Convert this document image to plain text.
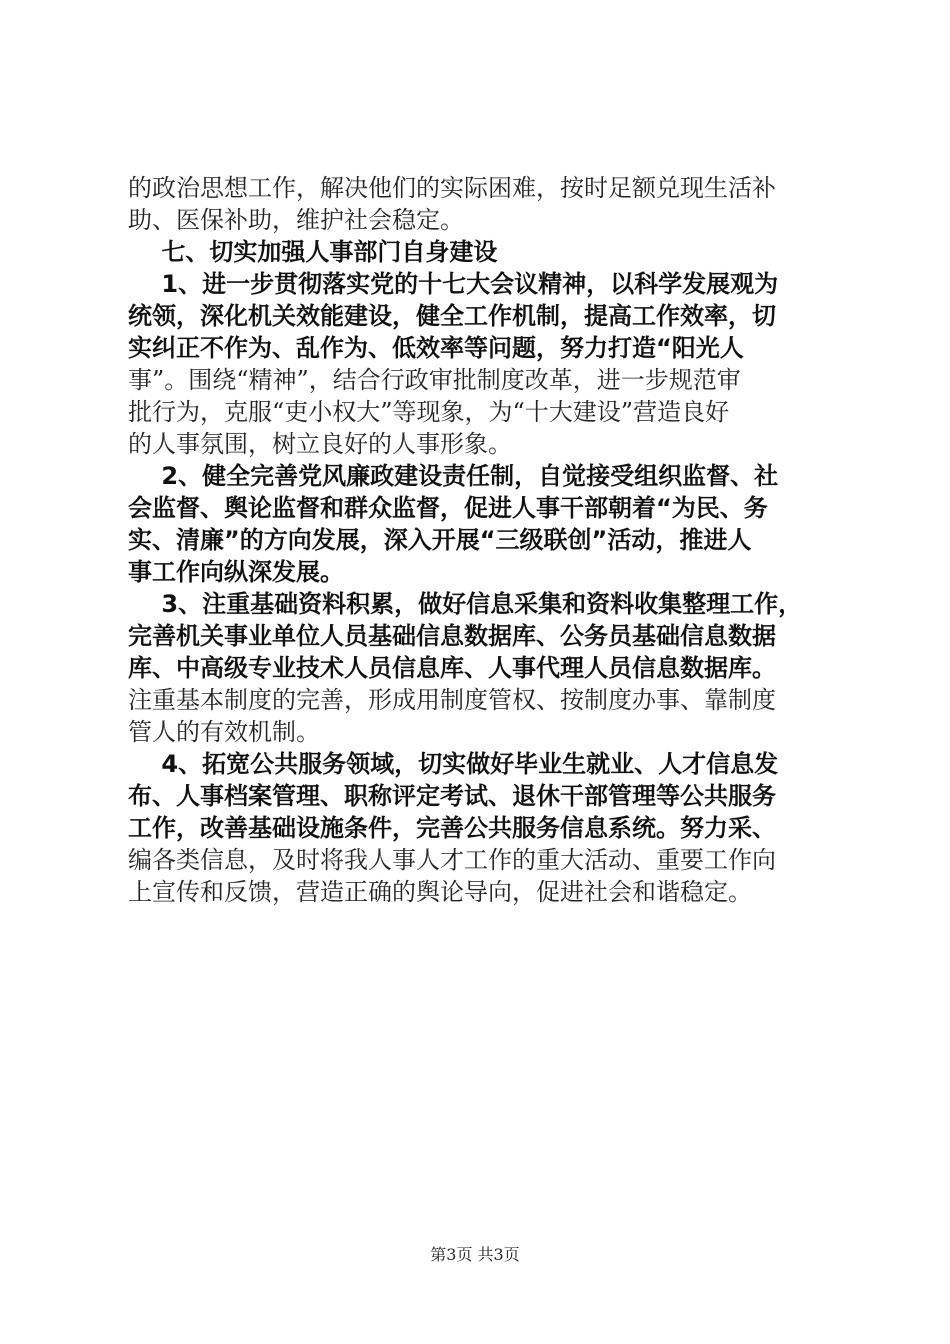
的政治思想工作，解决他们的实际困难，按时足额兑现生活补
助、医保补助，维护社会稳定。
七、切实加强人事部门自身建设
1、进一步贯彻落实党的十七大会议精神，以科学发展观为
统领，深化机关效能建设，健全工作机制，提高工作效率，切
实纠正不作为、乱作为、低效率等问题，努力打造“阳光人
事”。围绕“精神”，结合行政审批制度改革，进一步规范审
批行为，克服“吏小权大”等现象，为“十大建设”营造良好
的人事氛围，树立良好的人事形象。
2、健全完善党风廉政建设责任制，自觉接受组织监督、社
会监督、舆论监督和群众监督，促进人事干部朝着“为民、务
实、清廉”的方向发展，深入开展“三级联创”活动，推进人
事工作向纵深发展。
3、注重基础资料积累，做好信息采集和资料收集整理工作，
完善机关事业单位人员基础信息数据库、公务员基础信息数据
库、中高级专业技术人员信息库、人事代理人员信息数据库。
注重基本制度的完善，形成用制度管权、按制度办事、靠制度
管人的有效机制。
4、拓宽公共服务领域，切实做好毕业生就业、人才信息发
布、人事档案管理、职称评定考试、退休干部管理等公共服务
工作，改善基础设施条件，完善公共服务信息系统。努力采、
编各类信息，及时将我人事人才工作的重大活动、重要工作向
上宣传和反馈，营造正确的舆论导向，促进社会和谐稳定。
第3页 共3页
